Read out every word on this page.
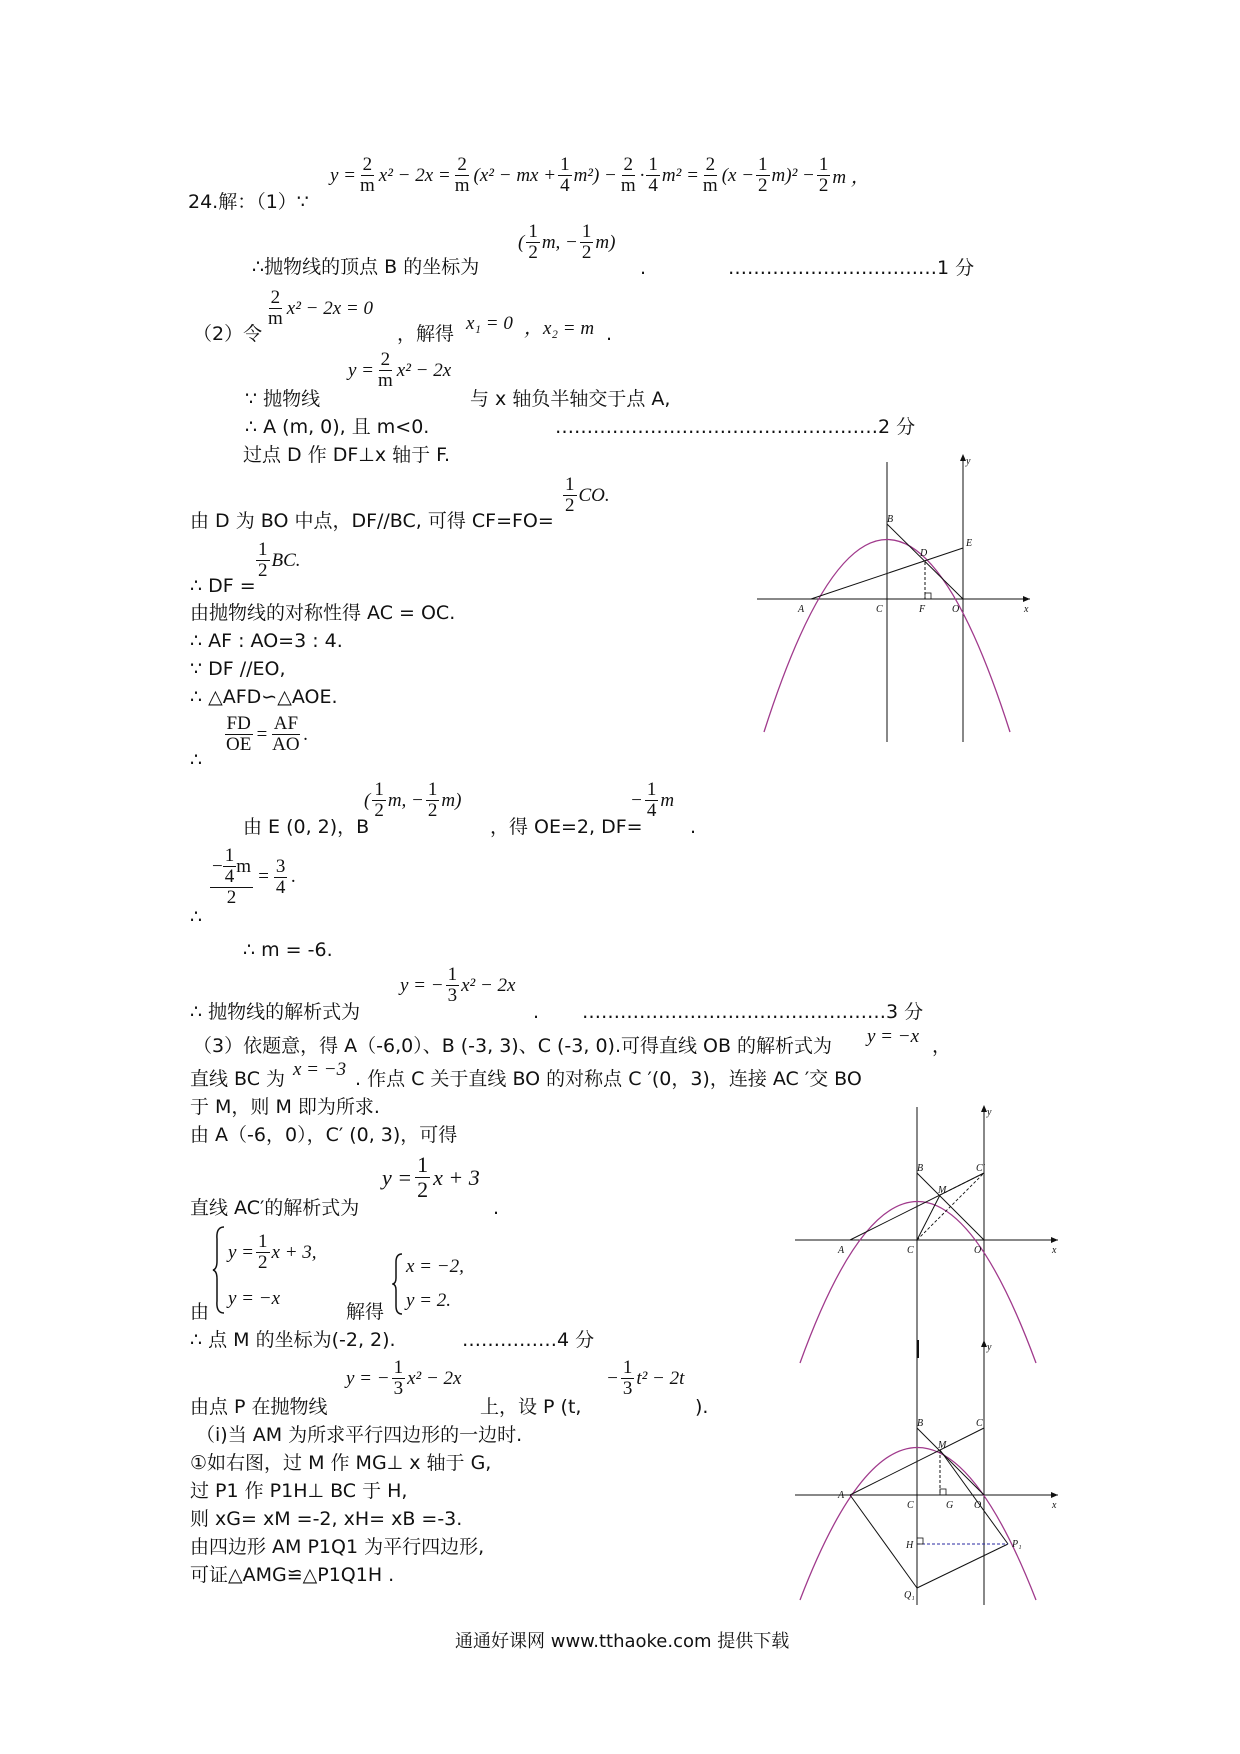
24.解：（1）∵
$y = \frac{2}{m} x^2 - 2x = \frac{2}{m} (x^2$ − mx + $\frac{1}{4} m^2) - \frac{2}{m} \cdot \frac{1}{4} m^2 = \frac{2}{m} (x - \frac{1}{2} m)^2 - \frac{1}{2}$ m ，
∴抛物线的顶点 B 的坐标为
( $\frac{1}{2} m$, − $\frac{1}{2} m$)
.	……………………………1 分
（2）令
$\frac{2}{m} x^2 - 2x = 0$
，解得 x₁ = 0 ，x₂ = m .
∵ 抛物线
$y = \frac{2}{m} x^2 - 2x$
与 x 轴负半轴交于点 A,
∴ A (m, 0), 且 m<0.	……………………………………………2 分
过点 D 作 DF⊥x 轴于 F.
由 D 为 BO 中点，DF//BC, 可得 CF=FO=
$\frac{1}{2}$ CO.
∴ DF =
$\frac{1}{2}$ BC.
由抛物线的对称性得 AC = OC.
∴ AF : AO=3 : 4.
∵ DF //EO,
∴ △AFD∽△AOE.
∴
$\frac{FD}{OE} = \frac{AF}{AO}$ .
由 E (0, 2)，B
( $\frac{1}{2} m$, − $\frac{1}{2} m$)
，得 OE=2, DF=
− $\frac{1}{4}$ m
.
∴
$\frac{- \frac{1}{4} m}{2} = \frac{3}{4}$ .
∴ m = -6.
∴ 抛物线的解析式为
y = − $\frac{1}{3} x^2 - 2x$
. …………………………………………3 分
（3）依题意，得 A（-6,0）、B (-3, 3)、C (-3, 0).可得直线 OB 的解析式为 y = −x ，
直线 BC 为 x = −3 . 作点 C 关于直线 BO 的对称点 C ′(0，3)，连接 AC ′交 BO
于 M，则 M 即为所求.
由 A（-6，0），C′ (0, 3)，可得
直线 AC′的解析式为
$y = \frac{1}{2}$ x + 3
.
由
$y = \frac{1}{2}$ x + 3,
y = −x
解得
x = −2,
y = 2.
∴ 点 M 的坐标为(-2, 2).	……………4 分
由点 P 在抛物线
y = − $\frac{1}{3} x^2 - 2x$
上，设 P (t,
− $\frac{1}{3} t^2 - 2t$
).
（ⅰ)当 AM 为所求平行四边形的一边时.
①如右图，过 M 作 MG⊥ x 轴于 G,
过 P1 作 P1H⊥ BC 于 H,
则 xG= xM =-2, xH= xB =-3.
由四边形 AM P1Q1 为平行四边形,
可证△AMG≌△P1Q1H .
y
B
E
D
A	C	F	O	x
y
B	C′
M
A	C	O	x
y
B	C
M
A
C	G O	x
H	P₁
Q₁
通通好课网 www.tthaoke.com 提供下载
